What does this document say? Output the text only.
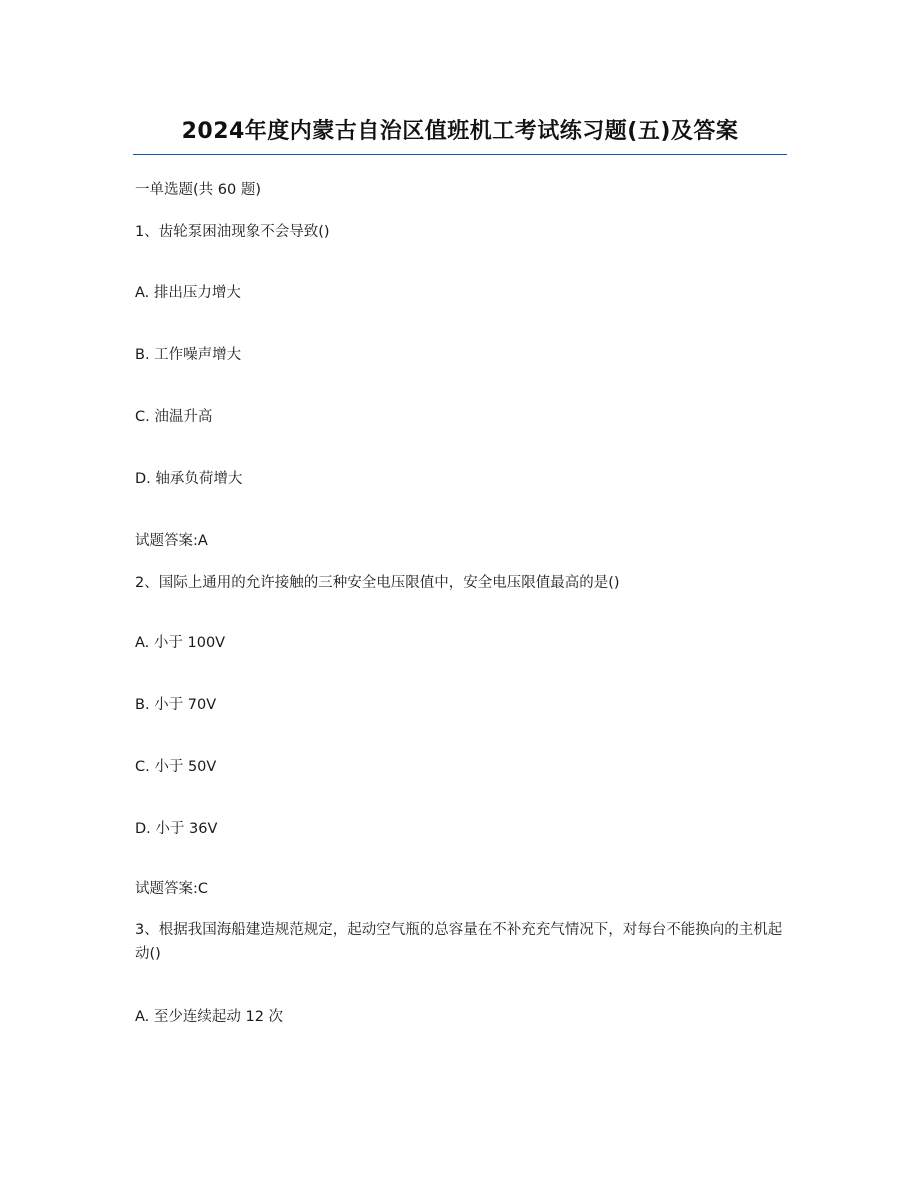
2024年度内蒙古自治区值班机工考试练习题(五)及答案
一单选题(共 60 题)
1、齿轮泵困油现象不会导致()
A. 排出压力增大
B. 工作噪声增大
C. 油温升高
D. 轴承负荷增大
试题答案:A
2、国际上通用的允许接触的三种安全电压限值中，安全电压限值最高的是()
A. 小于 100V
B. 小于 70V
C. 小于 50V
D. 小于 36V
试题答案:C
3、根据我国海船建造规范规定，起动空气瓶的总容量在不补充充气情况下，对每台不能换向的主机起动()
A. 至少连续起动 12 次
